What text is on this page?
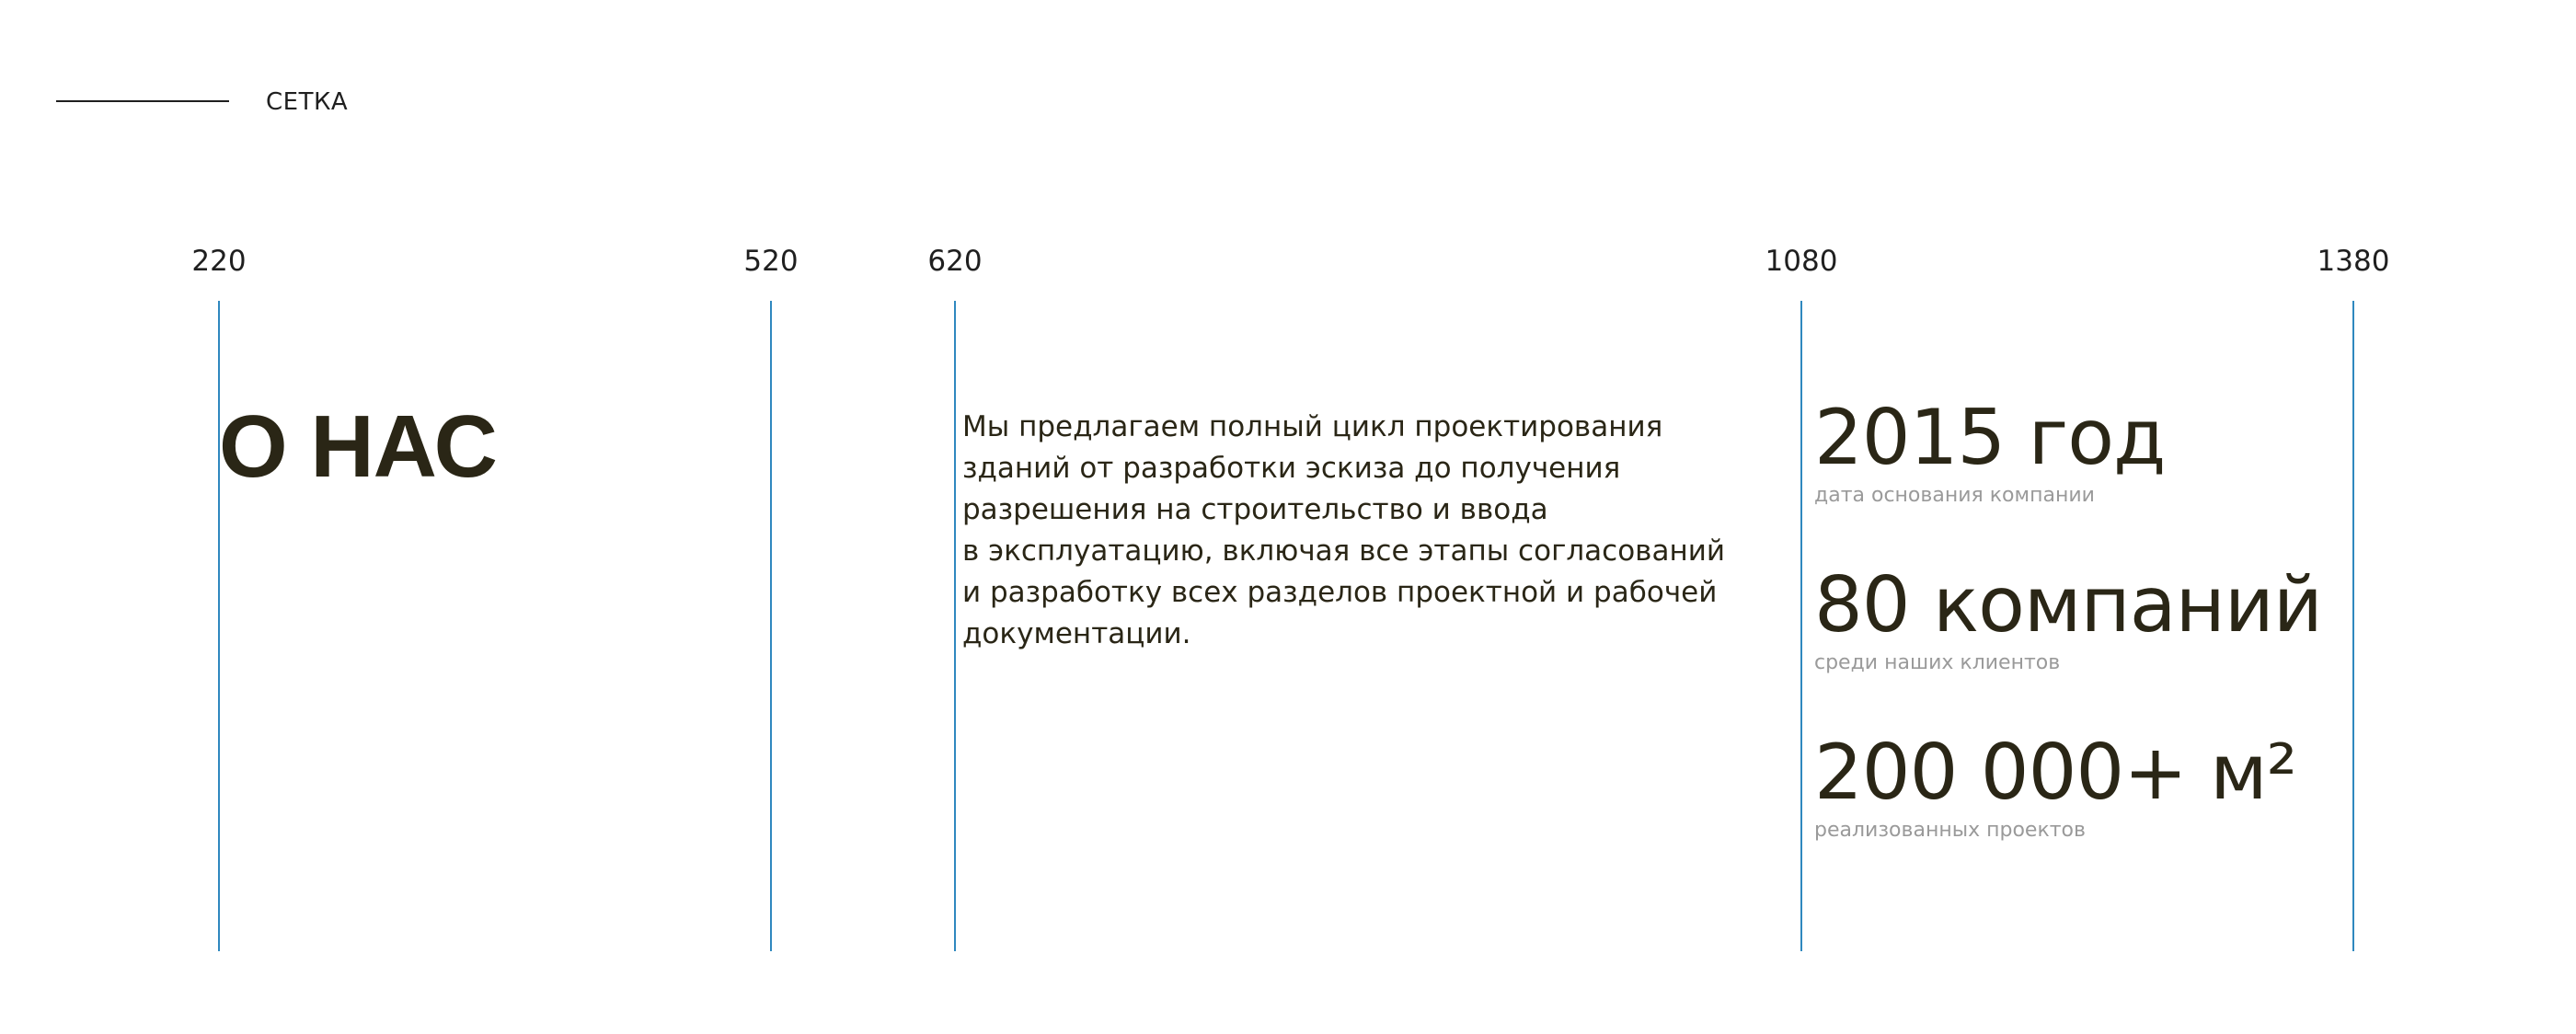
СЕТКА
220	520	620	1080	1380
О НАС	Мы предлагаем полный цикл проектирования
зданий от разработки эскиза до получения
разрешения на строительство и ввода
в эксплуатацию, включая все этапы согласований
и разработку всех разделов проектной и рабочей
документации.

2015 год
дата основания компании
80 компаний
среди наших клиентов
200 000+ м²
реализованных проектов
